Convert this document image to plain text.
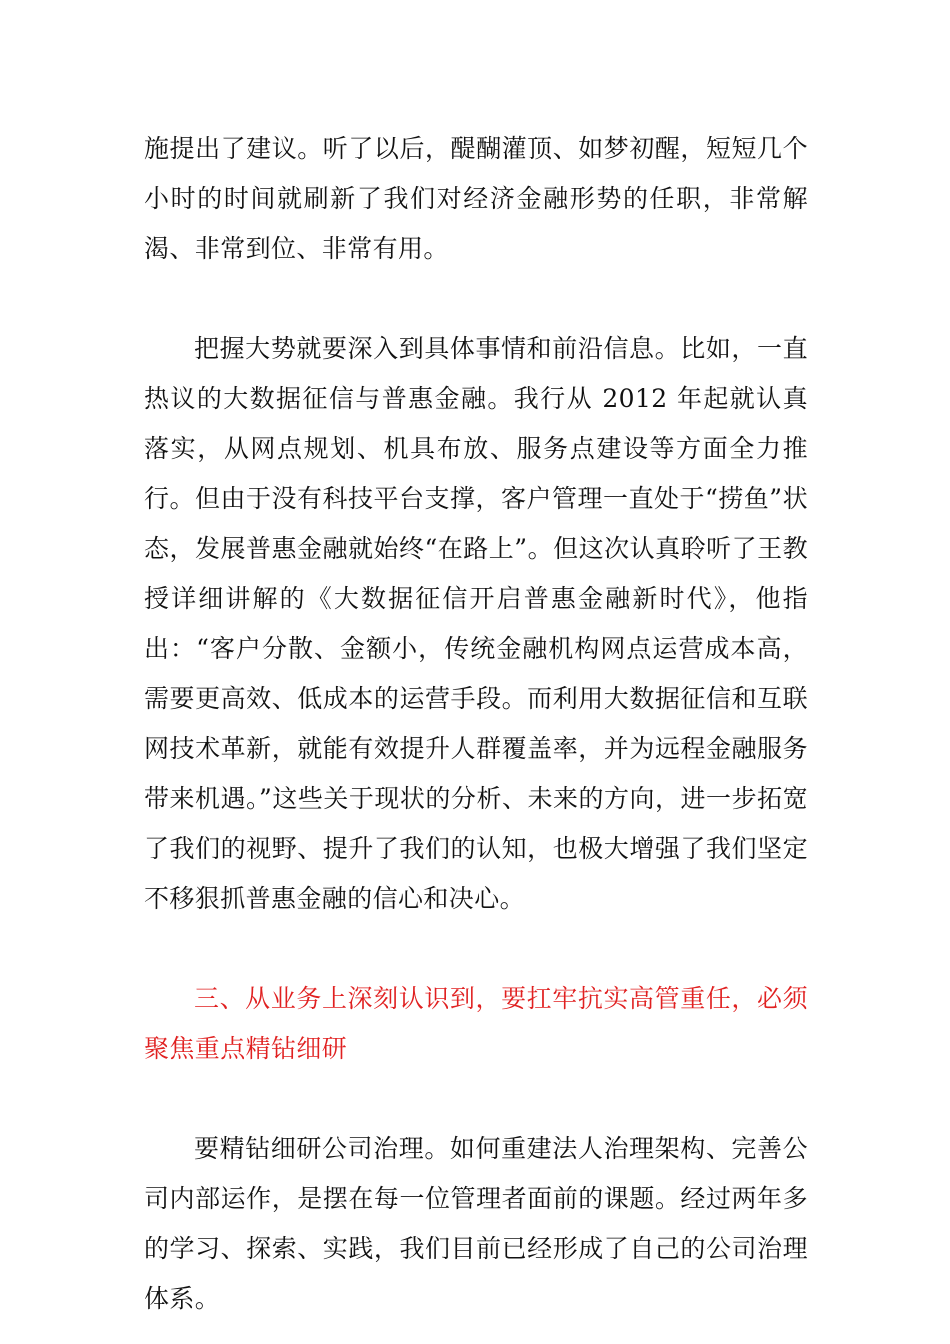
施提出了建议。听了以后，醍醐灌顶、如梦初醒，短短几个小时的时间就刷新了我们对经济金融形势的任职，非常解渴、非常到位、非常有用。

把握大势就要深入到具体事情和前沿信息。比如，一直热议的大数据征信与普惠金融。我行从 2012 年起就认真落实，从网点规划、机具布放、服务点建设等方面全力推行。但由于没有科技平台支撑，客户管理一直处于“捞鱼”状态，发展普惠金融就始终“在路上”。但这次认真聆听了王教授详细讲解的《大数据征信开启普惠金融新时代》，他指出：“客户分散、金额小，传统金融机构网点运营成本高，需要更高效、低成本的运营手段。而利用大数据征信和互联网技术革新，就能有效提升人群覆盖率，并为远程金融服务带来机遇。”这些关于现状的分析、未来的方向，进一步拓宽了我们的视野、提升了我们的认知，也极大增强了我们坚定不移狠抓普惠金融的信心和决心。

三、从业务上深刻认识到，要扛牢抗实高管重任，必须聚焦重点精钻细研

要精钻细研公司治理。如何重建法人治理架构、完善公司内部运作，是摆在每一位管理者面前的课题。经过两年多的学习、探索、实践，我们目前已经形成了自己的公司治理体系。
